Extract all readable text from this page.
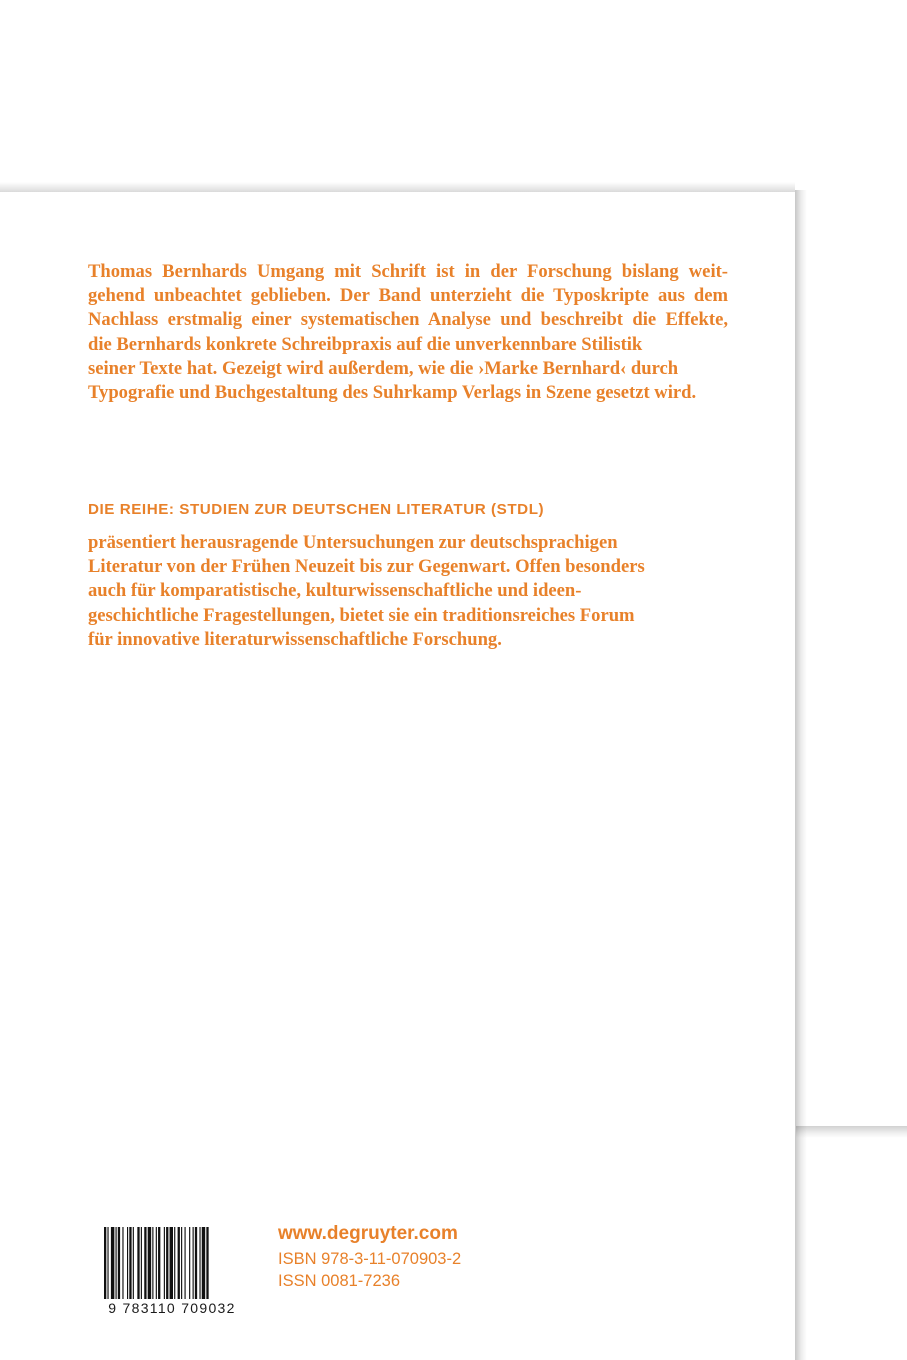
Thomas Bernhards Umgang mit Schrift ist in der Forschung bislang weit-
gehend unbeachtet geblieben. Der Band unterzieht die Typoskripte aus dem
Nachlass erstmalig einer systematischen Analyse und beschreibt die Effekte,
die Bernhards konkrete Schreibpraxis auf die unverkennbare Stilistik
seiner Texte hat. Gezeigt wird außerdem, wie die ›Marke Bernhard‹ durch
Typografie und Buchgestaltung des Suhrkamp Verlags in Szene gesetzt wird.

DIE REIHE: STUDIEN ZUR DEUTSCHEN LITERATUR (STDL)

präsentiert herausragende Untersuchungen zur deutschsprachigen
Literatur von der Frühen Neuzeit bis zur Gegenwart. Offen besonders
auch für komparatistische, kulturwissenschaftliche und ideen-
geschichtliche Fragestellungen, bietet sie ein traditionsreiches Forum
für innovative literaturwissenschaftliche Forschung.

9 783110 709032
www.degruyter.com
ISBN 978-3-11-070903-2
ISSN 0081-7236
